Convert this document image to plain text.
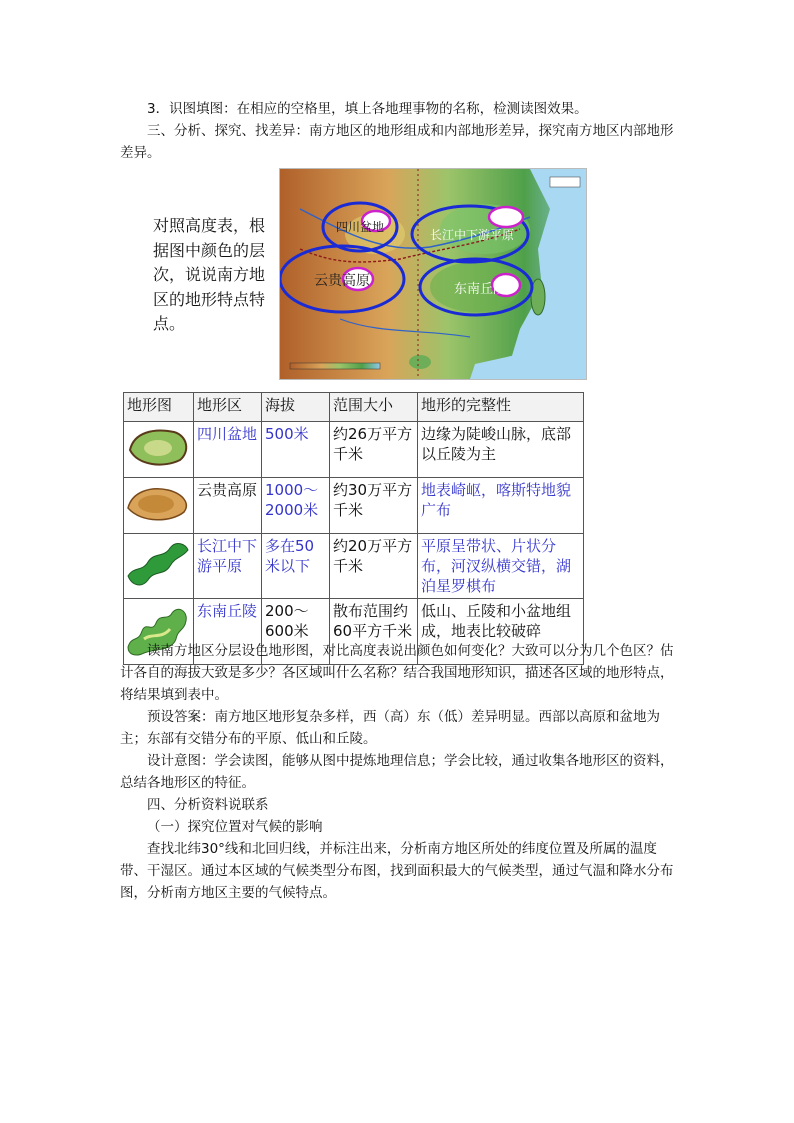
3．识图填图：在相应的空格里，填上各地理事物的名称，检测读图效果。

三、分析、探究、找差异：南方地区的地形组成和内部地形差异，探究南方地区内部地形差异。

对照高度表，根据图中颜色的层次，说说南方地区的地形特点特点。
四川盆地
云贵高原
长江中下游平原
东南丘陵
地形图	地形区	海拔	范围大小	地形的完整性
	四川盆地	500米	约26万平方千米	边缘为陡峻山脉，底部以丘陵为主
	云贵高原	1000～2000米	约30万平方千米	地表崎岖，喀斯特地貌广布
	长江中下游平原	多在50米以下	约20万平方千米	平原呈带状、片状分布，河汊纵横交错，湖泊星罗棋布
	东南丘陵	200～600米	散布范围约60平方千米	低山、丘陵和小盆地组成，地表比较破碎

读南方地区分层设色地形图，对比高度表说出颜色如何变化？大致可以分为几个色区？估计各自的海拔大致是多少？各区域叫什么名称？结合我国地形知识，描述各区域的地形特点，将结果填到表中。

预设答案：南方地区地形复杂多样，西（高）东（低）差异明显。西部以高原和盆地为主；东部有交错分布的平原、低山和丘陵。

设计意图：学会读图，能够从图中提炼地理信息；学会比较，通过收集各地形区的资料，总结各地形区的特征。

四、分析资料说联系

（一）探究位置对气候的影响

查找北纬30°线和北回归线，并标注出来，分析南方地区所处的纬度位置及所属的温度带、干湿区。通过本区域的气候类型分布图，找到面积最大的气候类型，通过气温和降水分布图，分析南方地区主要的气候特点。
